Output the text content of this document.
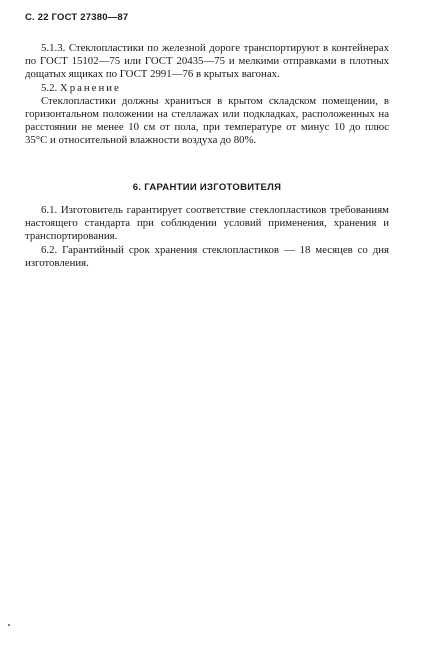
С. 22 ГОСТ 27380—87

5.1.3. Стеклопластики по железной дороге транспортируют в контейнерах по ГОСТ 15102—75 или ГОСТ 20435—75 и мелкими отправками в плотных дощатых ящиках по ГОСТ 2991—76 в крытых вагонах.

5.2. Хранение

Стеклопластики должны храниться в крытом складском помещении, в горизонтальном положении на стеллажах или подкладках, расположенных на расстоянии не менее 10 см от пола, при температуре от минус 10 до плюс 35°С и относительной влажности воздуха до 80%.

6. ГАРАНТИИ ИЗГОТОВИТЕЛЯ

6.1. Изготовитель гарантирует соответствие стеклопластиков требованиям настоящего стандарта при соблюдении условий применения, хранения и транспортирования.

6.2. Гарантийный срок хранения стеклопластиков — 18 месяцев со дня изготовления.
